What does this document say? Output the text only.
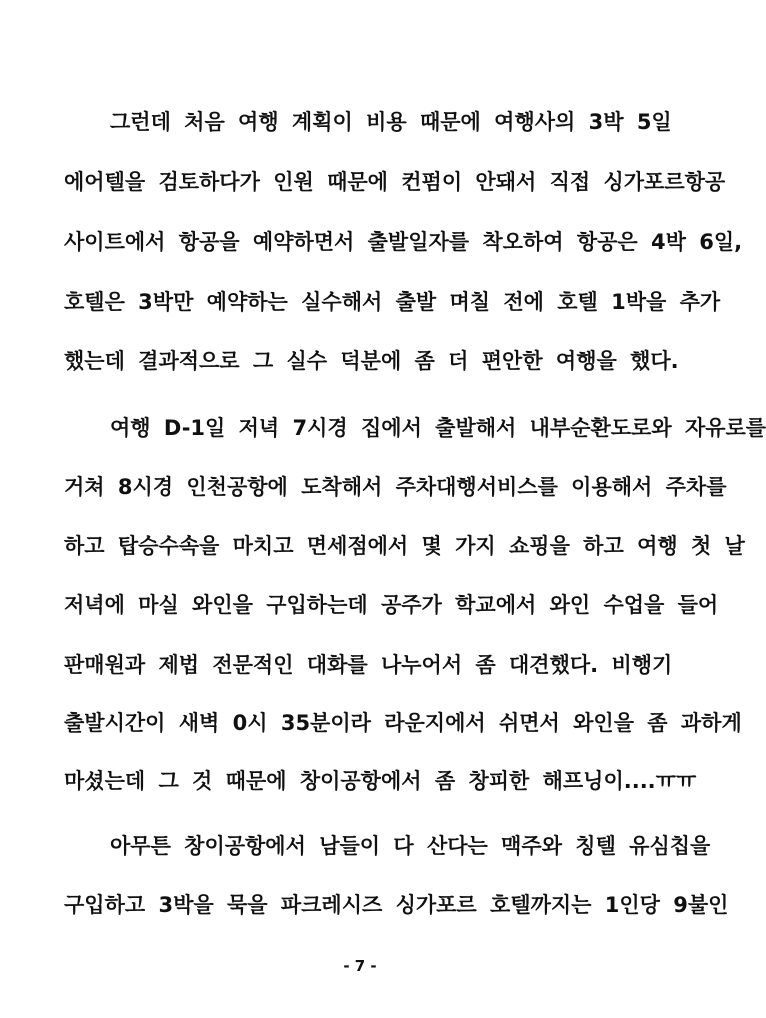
그런데 처음 여행 계획이 비용 때문에 여행사의 3박 5일
에어텔을 검토하다가 인원 때문에 컨펌이 안돼서 직접 싱가포르항공
사이트에서 항공을 예약하면서 출발일자를 착오하여 항공은 4박 6일,
호텔은 3박만 예약하는 실수해서 출발 며칠 전에 호텔 1박을 추가
했는데 결과적으로 그 실수 덕분에 좀 더 편안한 여행을 했다.
여행 D-1일 저녁 7시경 집에서 출발해서 내부순환도로와 자유로를
거쳐 8시경 인천공항에 도착해서 주차대행서비스를 이용해서 주차를
하고 탑승수속을 마치고 면세점에서 몇 가지 쇼핑을 하고 여행 첫 날
저녁에 마실 와인을 구입하는데 공주가 학교에서 와인 수업을 들어
판매원과 제법 전문적인 대화를 나누어서 좀 대견했다. 비행기
출발시간이 새벽 0시 35분이라 라운지에서 쉬면서 와인을 좀 과하게
마셨는데 그 것 때문에 창이공항에서 좀 창피한 해프닝이....ㅠㅠ
아무튼 창이공항에서 남들이 다 산다는 맥주와 칭텔 유심칩을
구입하고 3박을 묵을 파크레시즈 싱가포르 호텔까지는 1인당 9불인
- 7 -
